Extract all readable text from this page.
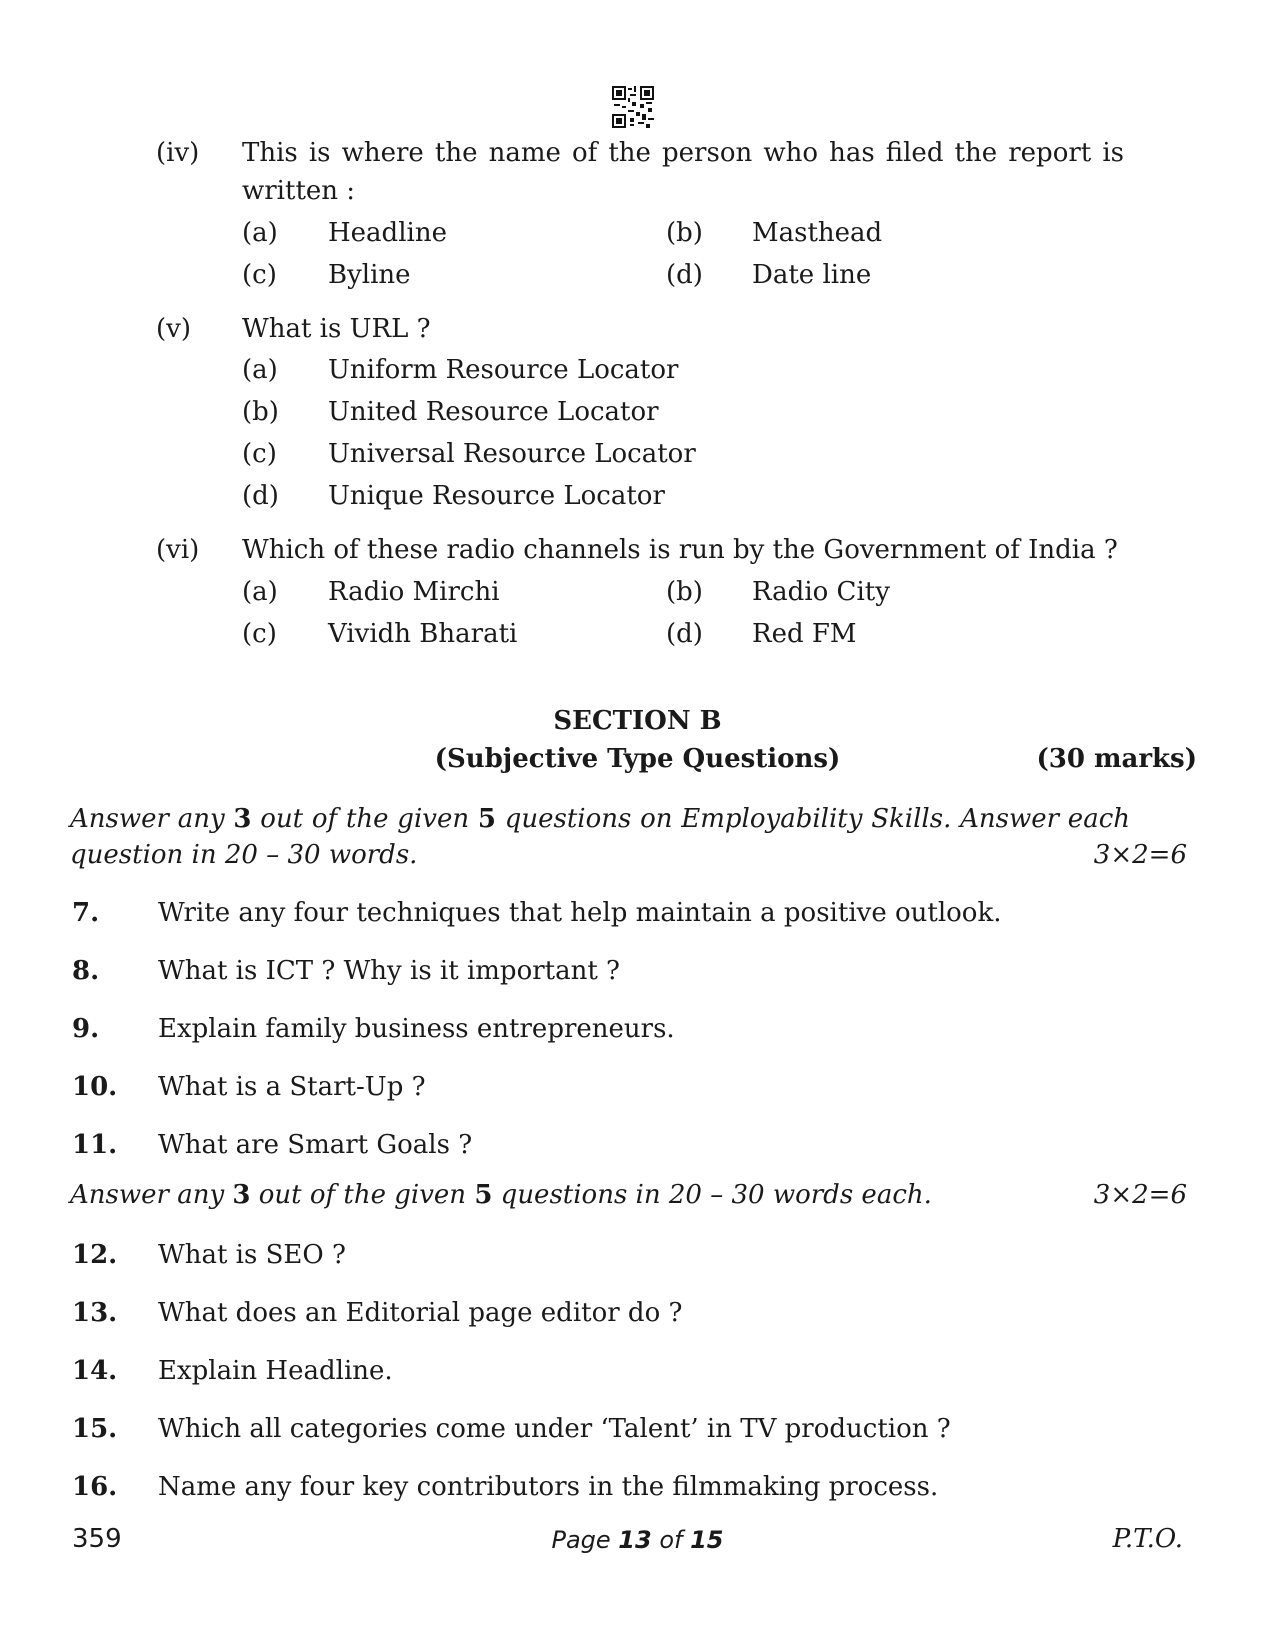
(iv) This is where the name of the person who has filed the report is
written :
(a) Headline	(b) Masthead
(c) Byline	(d) Date line
(v) What is URL ?
(a) Uniform Resource Locator
(b) United Resource Locator
(c) Universal Resource Locator
(d) Unique Resource Locator
(vi) Which of these radio channels is run by the Government of India ?
(a) Radio Mirchi	(b) Radio City
(c) Vividh Bharati	(d) Red FM
SECTION B
(Subjective Type Questions)	(30 marks)
Answer any 3 out of the given 5 questions on Employability Skills. Answer each
question in 20 – 30 words.	3×2=6
7. Write any four techniques that help maintain a positive outlook.
8. What is ICT ? Why is it important ?
9. Explain family business entrepreneurs.
10. What is a Start-Up ?
11. What are Smart Goals ?
Answer any 3 out of the given 5 questions in 20 – 30 words each.	3×2=6
12. What is SEO ?
13. What does an Editorial page editor do ?
14. Explain Headline.
15. Which all categories come under ‘Talent’ in TV production ?
16. Name any four key contributors in the filmmaking process.
359	Page 13 of 15	P.T.O.
